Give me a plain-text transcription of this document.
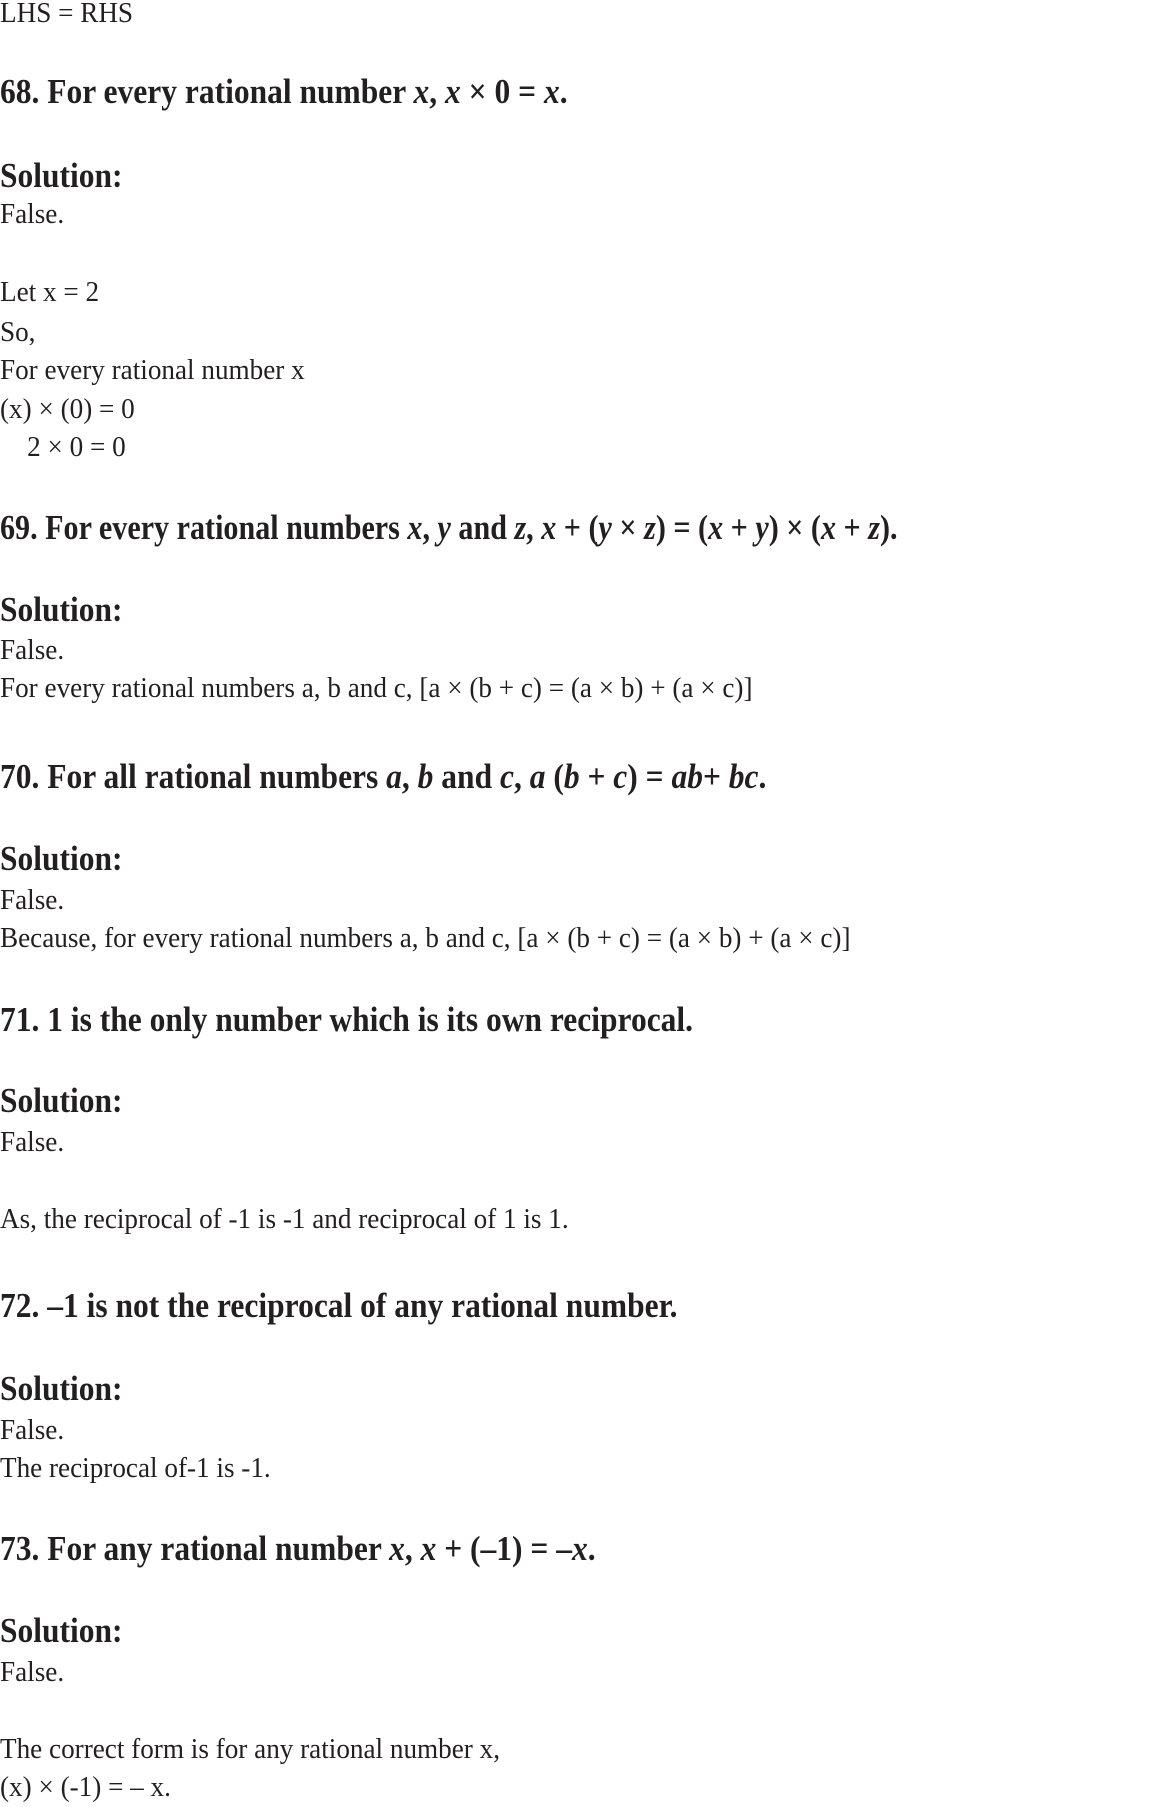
LHS = RHS
68. For every rational number x, x × 0 = x.
Solution:
False.
Let x = 2
So,
For every rational number x
(x) × (0) = 0
2 × 0 = 0
69. For every rational numbers x, y and z, x + (y × z) = (x + y) × (x + z).
Solution:
False.
For every rational numbers a, b and c, [a × (b + c) = (a × b) + (a × c)]
70. For all rational numbers a, b and c, a (b + c) = ab+ bc.
Solution:
False.
Because, for every rational numbers a, b and c, [a × (b + c) = (a × b) + (a × c)]
71. 1 is the only number which is its own reciprocal.
Solution:
False.
As, the reciprocal of -1 is -1 and reciprocal of 1 is 1.
72. –1 is not the reciprocal of any rational number.
Solution:
False.
The reciprocal of-1 is -1.
73. For any rational number x, x + (–1) = –x.
Solution:
False.
The correct form is for any rational number x,
(x) × (-1) = – x.
